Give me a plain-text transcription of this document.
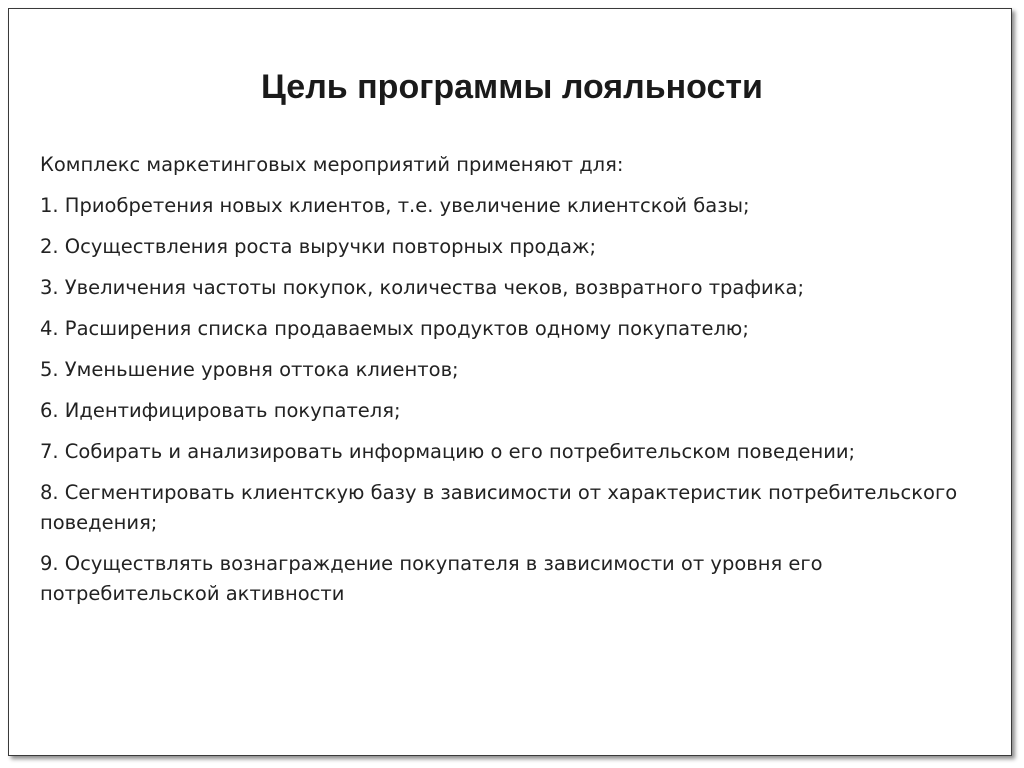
Цель программы лояльности

Комплекс маркетинговых мероприятий применяют для:

1. Приобретения новых клиентов, т.е. увеличение клиентской базы;

2. Осуществления роста выручки повторных продаж;

3. Увеличения частоты покупок, количества чеков, возвратного трафика;

4. Расширения списка продаваемых продуктов одному покупателю;

5. Уменьшение уровня оттока клиентов;

6. Идентифицировать покупателя;

7. Собирать и анализировать информацию о его потребительском поведении;

8. Сегментировать клиентскую базу в зависимости от характеристик потребительского поведения;

9. Осуществлять вознаграждение покупателя в зависимости от уровня его потребительской активности
